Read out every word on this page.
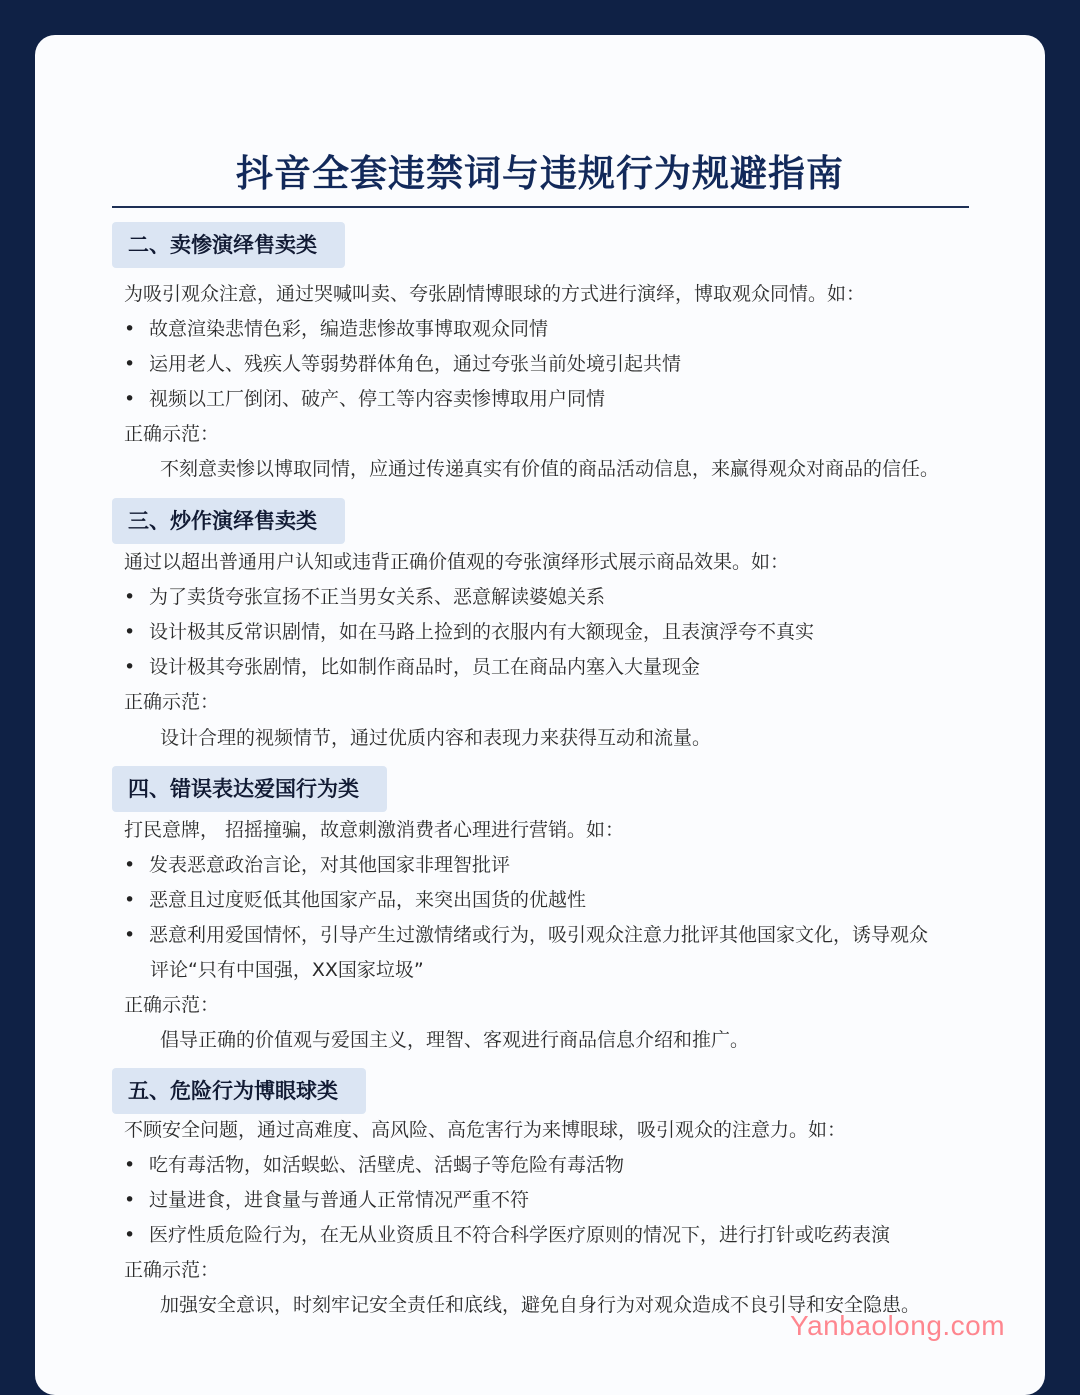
抖音全套违禁词与违规行为规避指南
二、卖惨演绎售卖类
为吸引观众注意，通过哭喊叫卖、夸张剧情博眼球的方式进行演绎，博取观众同情。如：
• 故意渲染悲情色彩，编造悲惨故事博取观众同情
• 运用老人、残疾人等弱势群体角色，通过夸张当前处境引起共情
• 视频以工厂倒闭、破产、停工等内容卖惨博取用户同情
正确示范：
不刻意卖惨以博取同情，应通过传递真实有价值的商品活动信息，来赢得观众对商品的信任。
三、炒作演绎售卖类
通过以超出普通用户认知或违背正确价值观的夸张演绎形式展示商品效果。如：
• 为了卖货夸张宣扬不正当男女关系、恶意解读婆媳关系
• 设计极其反常识剧情，如在马路上捡到的衣服内有大额现金，且表演浮夸不真实
• 设计极其夸张剧情，比如制作商品时，员工在商品内塞入大量现金
正确示范：
设计合理的视频情节，通过优质内容和表现力来获得互动和流量。
四、错误表达爱国行为类
打民意牌， 招摇撞骗，故意刺激消费者心理进行营销。如：
• 发表恶意政治言论，对其他国家非理智批评
• 恶意且过度贬低其他国家产品，来突出国货的优越性
• 恶意利用爱国情怀，引导产生过激情绪或行为，吸引观众注意力批评其他国家文化，诱导观众
评论“只有中国强，XX国家垃圾”
正确示范：
倡导正确的价值观与爱国主义，理智、客观进行商品信息介绍和推广。
五、危险行为博眼球类
不顾安全问题，通过高难度、高风险、高危害行为来博眼球，吸引观众的注意力。如：
• 吃有毒活物，如活蜈蚣、活壁虎、活蝎子等危险有毒活物
• 过量进食，进食量与普通人正常情况严重不符
• 医疗性质危险行为，在无从业资质且不符合科学医疗原则的情况下，进行打针或吃药表演
正确示范：
加强安全意识，时刻牢记安全责任和底线，避免自身行为对观众造成不良引导和安全隐患。
Yanbaolong.com
